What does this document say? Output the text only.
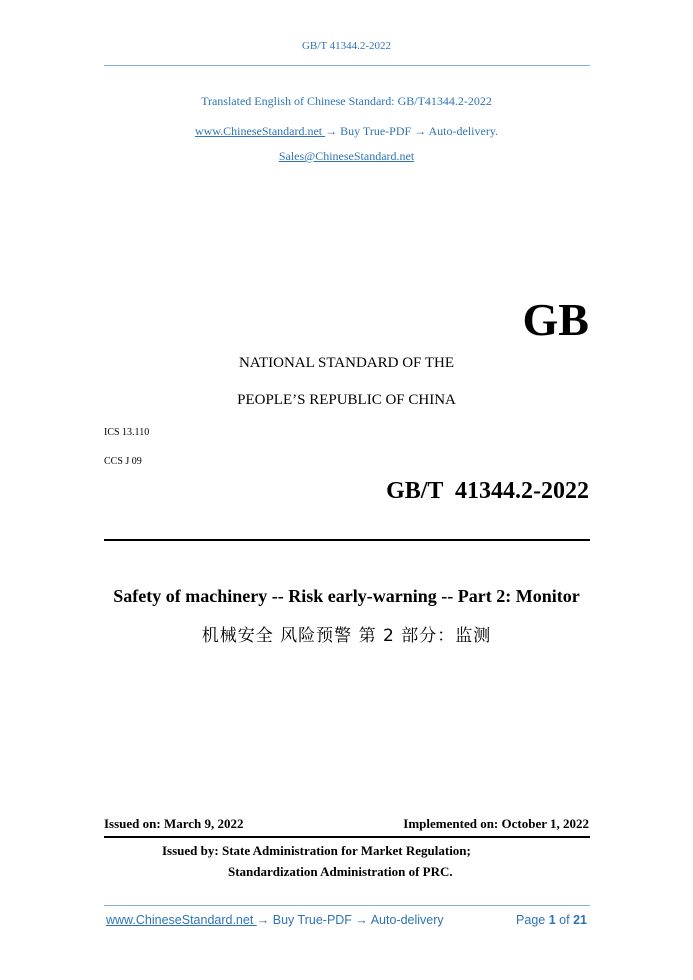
GB/T 41344.2-2022
Translated English of Chinese Standard: GB/T41344.2-2022
www.ChineseStandard.net → Buy True-PDF → Auto-delivery.
Sales@ChineseStandard.net
GB
NATIONAL STANDARD OF THE
PEOPLE’S REPUBLIC OF CHINA
ICS 13.110
CCS J 09
GB/T  41344.2-2022
Safety of machinery -- Risk early-warning -- Part 2: Monitor
机械安全 风险预警 第 2 部分：监测
Issued on: March 9, 2022	Implemented on: October 1, 2022
Issued by: State Administration for Market Regulation;
Standardization Administration of PRC.
www.ChineseStandard.net → Buy True-PDF → Auto-delivery	Page 1 of 21
